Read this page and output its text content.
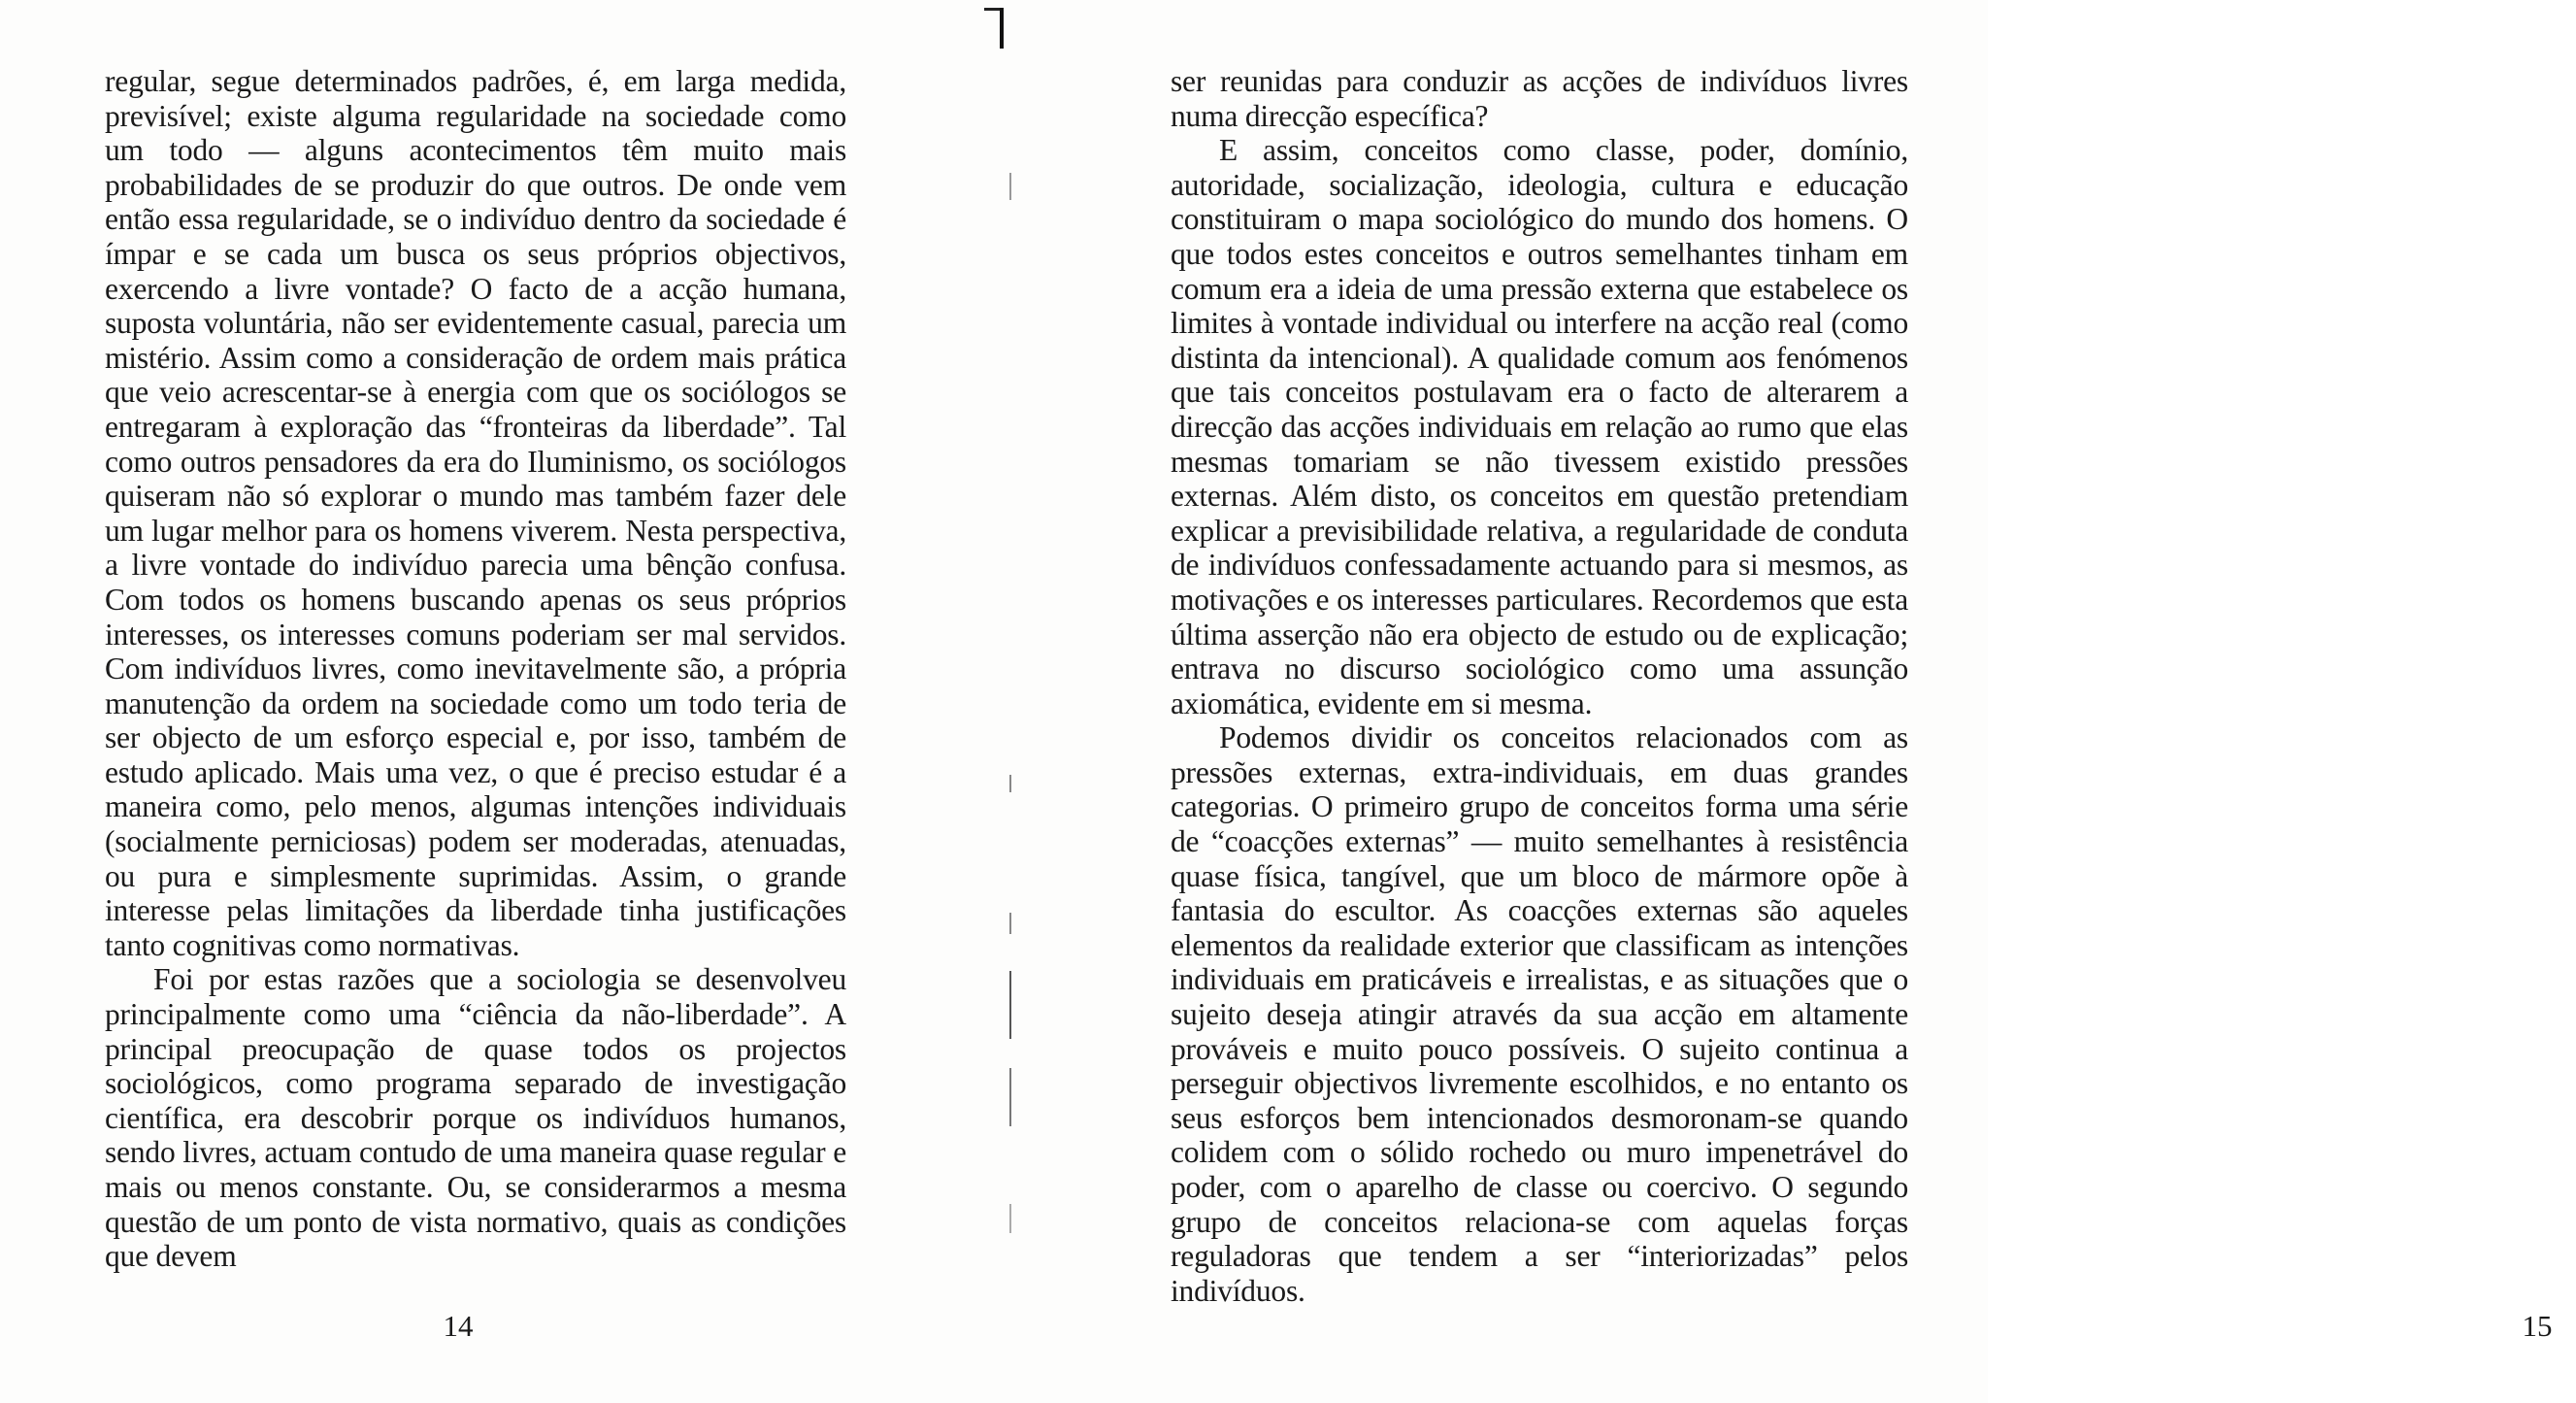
regular, segue determinados padrões, é, em larga medida, previsível; existe alguma regularidade na sociedade como um todo — alguns acontecimentos têm muito mais probabilidades de se produzir do que outros. De onde vem então essa regularidade, se o indivíduo dentro da sociedade é ímpar e se cada um busca os seus próprios objectivos, exercendo a livre vontade? O facto de a acção humana, suposta voluntária, não ser evidentemente casual, parecia um mistério. Assim como a consideração de ordem mais prática que veio acrescentar-se à energia com que os sociólogos se entregaram à exploração das “fronteiras da liberdade”. Tal como outros pensadores da era do Iluminismo, os sociólogos quiseram não só explorar o mundo mas também fazer dele um lugar melhor para os homens viverem. Nesta perspectiva, a livre vontade do indivíduo parecia uma bênção confusa. Com todos os homens buscando apenas os seus próprios interesses, os interesses comuns poderiam ser mal servidos. Com indivíduos livres, como inevitavelmente são, a própria manutenção da ordem na sociedade como um todo teria de ser objecto de um esforço especial e, por isso, também de estudo aplicado. Mais uma vez, o que é preciso estudar é a maneira como, pelo menos, algumas intenções individuais (socialmente perniciosas) podem ser moderadas, atenuadas, ou pura e simplesmente suprimidas. Assim, o grande interesse pelas limitações da liberdade tinha justificações tanto cognitivas como normativas.

Foi por estas razões que a sociologia se desenvolveu principalmente como uma “ciência da não-liberdade”. A principal preocupação de quase todos os projectos sociológicos, como programa separado de investigação científica, era descobrir porque os indivíduos humanos, sendo livres, actuam contudo de uma maneira quase regular e mais ou menos constante. Ou, se considerarmos a mesma questão de um ponto de vista normativo, quais as condições que devem

14	15

ser reunidas para conduzir as acções de indivíduos livres numa direcção específica?

E assim, conceitos como classe, poder, domínio, autoridade, socialização, ideologia, cultura e educação constituiram o mapa sociológico do mundo dos homens. O que todos estes conceitos e outros semelhantes tinham em comum era a ideia de uma pressão externa que estabelece os limites à vontade individual ou interfere na acção real (como distinta da intencional). A qualidade comum aos fenómenos que tais conceitos postulavam era o facto de alterarem a direcção das acções individuais em relação ao rumo que elas mesmas tomariam se não tivessem existido pressões externas. Além disto, os conceitos em questão pretendiam explicar a previsibilidade relativa, a regularidade de conduta de indivíduos confessadamente actuando para si mesmos, as motivações e os interesses particulares. Recordemos que esta última asserção não era objecto de estudo ou de explicação; entrava no discurso sociológico como uma assunção axiomática, evidente em si mesma.

Podemos dividir os conceitos relacionados com as pressões externas, extra-individuais, em duas grandes categorias. O primeiro grupo de conceitos forma uma série de “coacções externas” — muito semelhantes à resistência quase física, tangível, que um bloco de mármore opõe à fantasia do escultor. As coacções externas são aqueles elementos da realidade exterior que classificam as intenções individuais em praticáveis e irrealistas, e as situações que o sujeito deseja atingir através da sua acção em altamente prováveis e muito pouco possíveis. O sujeito continua a perseguir objectivos livremente escolhidos, e no entanto os seus esforços bem intencionados desmoronam-se quando colidem com o sólido rochedo ou muro impenetrável do poder, com o aparelho de classe ou coercivo. O segundo grupo de conceitos relaciona-se com aquelas forças reguladoras que tendem a ser “interiorizadas” pelos indivíduos.
